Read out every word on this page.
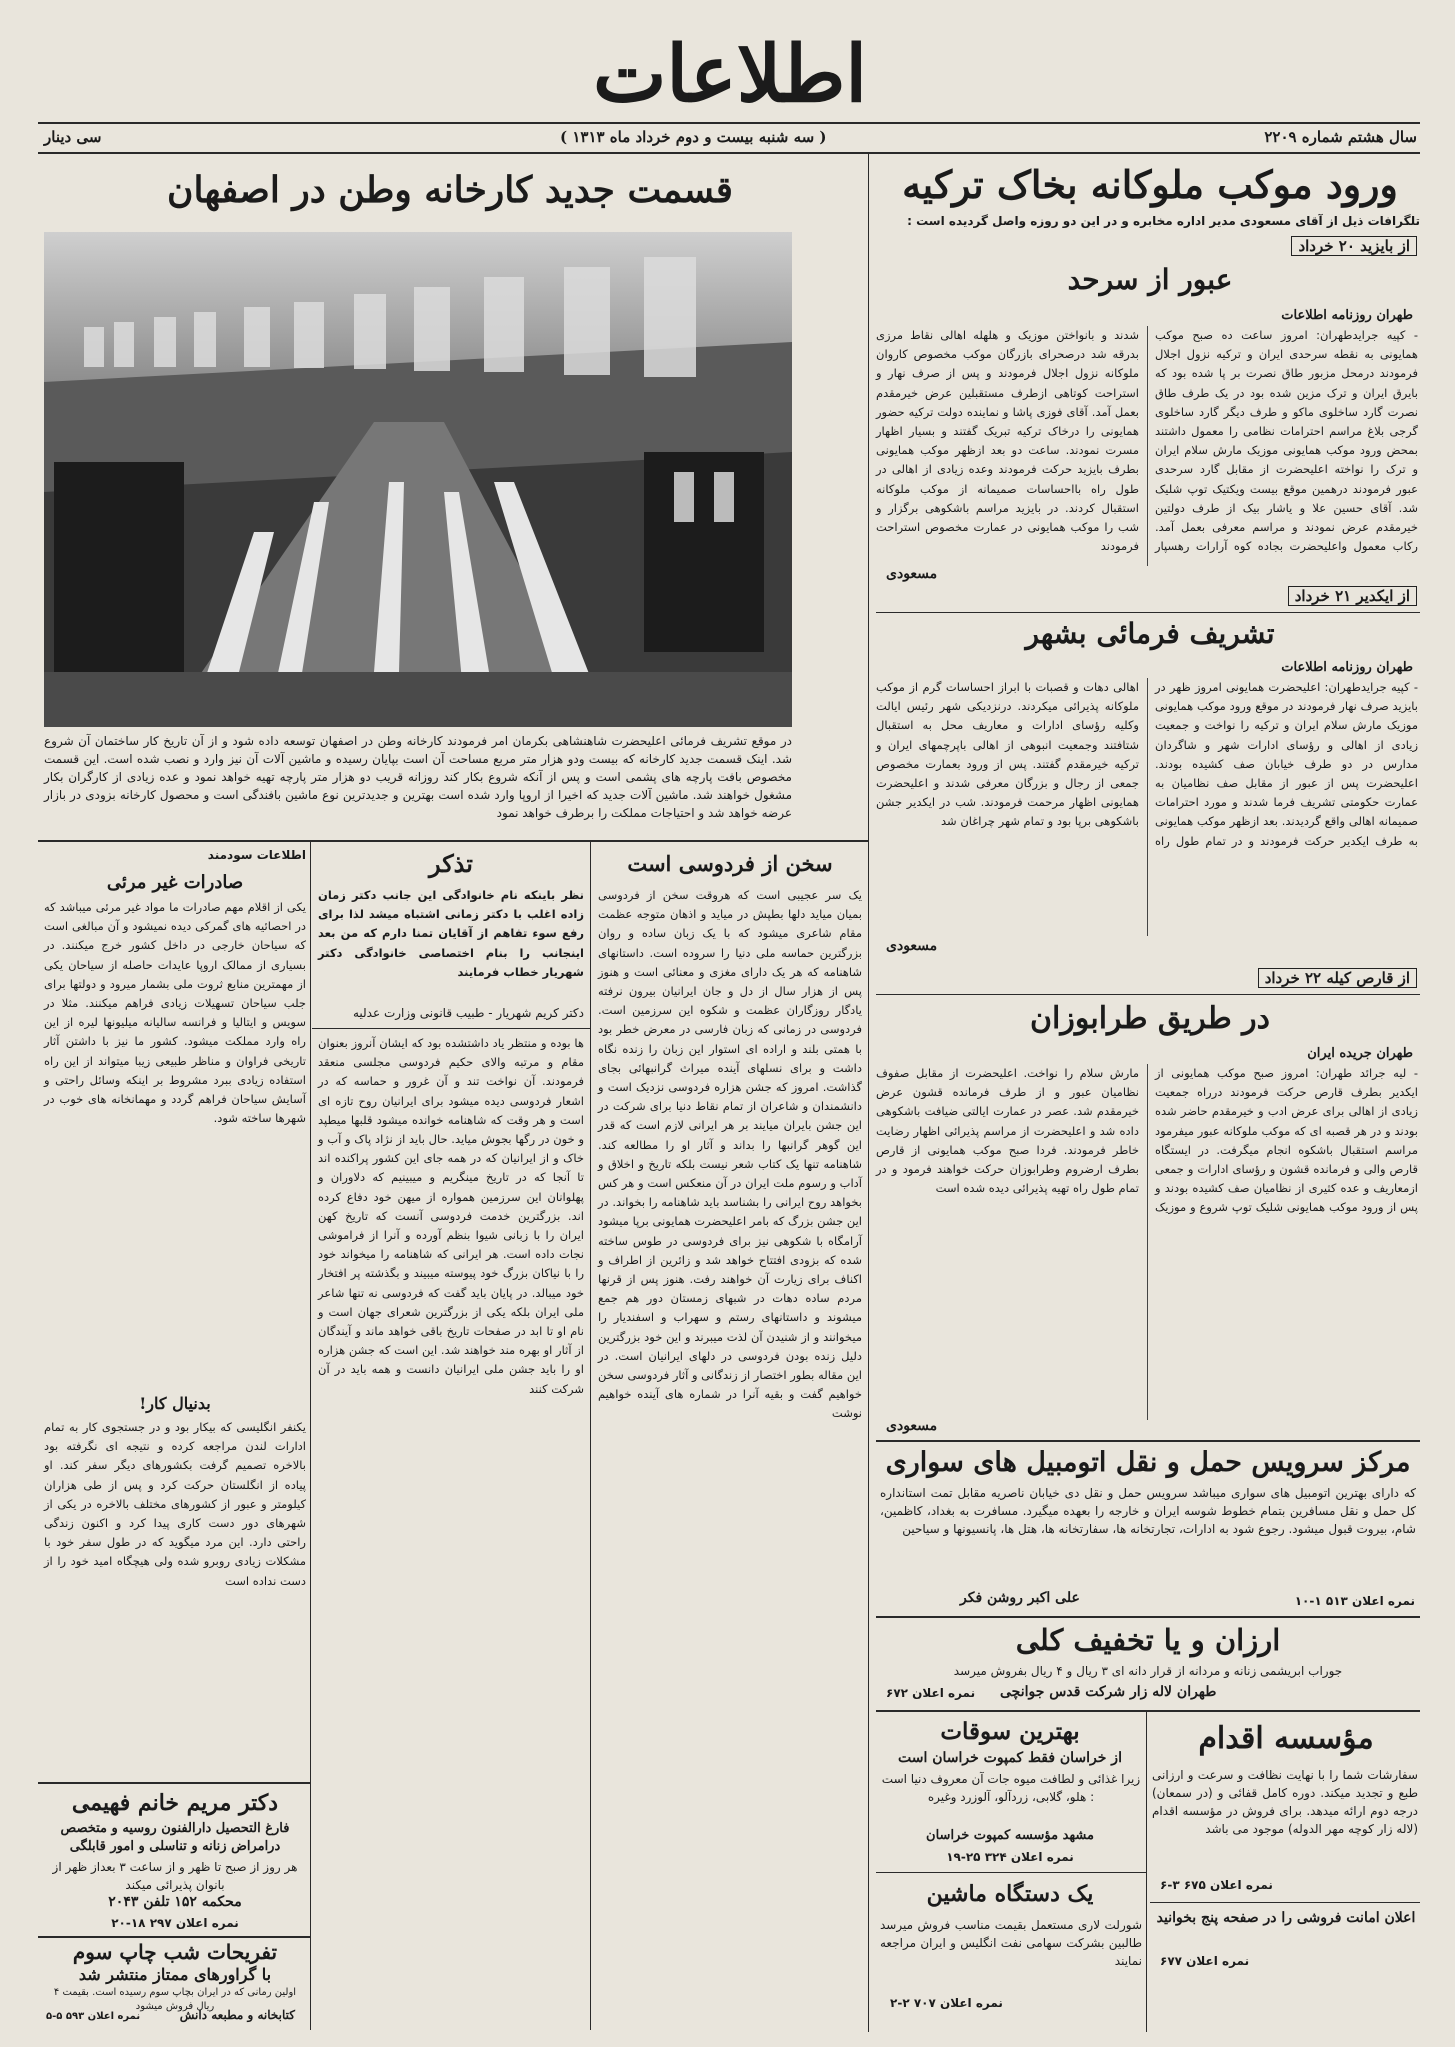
اطلاعات
سال هشتم شماره ۲۲۰۹
( سه شنبه بیست و دوم خرداد ماه ۱۳۱۳ )
سی دینار
ورود موکب ملوکانه بخاک ترکیه
تلگرافات ذیل از آقای مسعودی مدیر اداره مخابره و در این دو روزه واصل گردیده است :
از بایزید ۲۰ خرداد
عبور از سرحد
طهران روزنامه اطلاعات
- کپیه جرایدطهران: امروز ساعت ده صبح موکب همایونی به نقطه سرحدی ایران و ترکیه نزول اجلال فرمودند درمحل مزبور طاق نصرت بر پا شده بود که بایرق ایران و ترک مزین شده بود در یک طرف طاق نصرت گارد ساخلوی ماکو و طرف دیگر گارد ساخلوی گرجی بلاغ مراسم احترامات نظامی را معمول داشتند بمحض ورود موکب همایونی موزیک مارش سلام ایران و ترک را نواخته اعلیحضرت از مقابل گارد سرحدی عبور فرمودند درهمین موقع بیست ویکتیک توپ شلیک شد. آقای حسین علا و یاشار بیک از طرف دولتین خیرمقدم عرض نمودند و مراسم معرفی بعمل آمد. رکاب معمول واعلیحضرت بجاده کوه آرارات رهسپار شدند و بانواختن موزیک و هلهله اهالی نقاط مرزی بدرقه شد درصحرای بازرگان موکب مخصوص کاروان ملوکانه نزول اجلال فرمودند و پس از صرف نهار و استراحت کوتاهی ازطرف مستقبلین عرض خیرمقدم بعمل آمد. آقای فوزی پاشا و نماینده دولت ترکیه حضور همایونی را درخاک ترکیه تبریک گفتند و بسیار اظهار مسرت نمودند. ساعت دو بعد ازظهر موکب همایونی بطرف بایزید حرکت فرمودند وعده زیادی از اهالی در طول راه بااحساسات صمیمانه از موکب ملوکانه استقبال کردند. در بایزید مراسم باشکوهی برگزار و شب را موکب همایونی در عمارت مخصوص استراحت فرمودند
مسعودی
از ایکدیر ۲۱ خرداد
تشریف فرمائی بشهر
طهران روزنامه اطلاعات
- کپیه جرایدطهران: اعلیحضرت همایونی امروز ظهر در بایزید صرف نهار فرمودند در موقع ورود موکب همایونی موزیک مارش سلام ایران و ترکیه را نواخت و جمعیت زیادی از اهالی و رؤسای ادارات شهر و شاگردان مدارس در دو طرف خیابان صف کشیده بودند. اعلیحضرت پس از عبور از مقابل صف نظامیان به عمارت حکومتی تشریف فرما شدند و مورد احترامات صمیمانه اهالی واقع گردیدند. بعد ازظهر موکب همایونی به طرف ایکدیر حرکت فرمودند و در تمام طول راه اهالی دهات و قصبات با ابراز احساسات گرم از موکب ملوکانه پذیرائی میکردند. درنزدیکی شهر رئیس ایالت وکلیه رؤسای ادارات و معاریف محل به استقبال شتافتند وجمعیت انبوهی از اهالی باپرچمهای ایران و ترکیه خیرمقدم گفتند. پس از ورود بعمارت مخصوص جمعی از رجال و بزرگان معرفی شدند و اعلیحضرت همایونی اظهار مرحمت فرمودند. شب در ایکدیر جشن باشکوهی برپا بود و تمام شهر چراغان شد
مسعودی
از قارص کیله ۲۲ خرداد
در طریق طرابوزان
طهران جریده ایران
- لیه جرائد طهران: امروز صبح موکب همایونی از ایکدیر بطرف قارص حرکت فرمودند درراه جمعیت زیادی از اهالی برای عرض ادب و خیرمقدم حاضر شده بودند و در هر قصبه ای که موکب ملوکانه عبور میفرمود مراسم استقبال باشکوه انجام میگرفت. در ایستگاه قارص والی و فرمانده قشون و رؤسای ادارات و جمعی ازمعاریف و عده کثیری از نظامیان صف کشیده بودند و پس از ورود موکب همایونی شلیک توپ شروع و موزیک مارش سلام را نواخت. اعلیحضرت از مقابل صفوف نظامیان عبور و از طرف فرمانده قشون عرض خیرمقدم شد. عصر در عمارت ایالتی ضیافت باشکوهی داده شد و اعلیحضرت از مراسم پذیرائی اظهار رضایت خاطر فرمودند. فردا صبح موکب همایونی از قارص بطرف ارضروم وطرابوزان حرکت خواهند فرمود و در تمام طول راه تهیه پذیرائی دیده شده است
مسعودی
مرکز سرویس حمل و نقل اتومبیل های سواری
که دارای بهترین اتومبیل های سواری میباشد سرویس حمل و نقل دی خیابان ناصریه مقابل تمت استانداره کل حمل و نقل مسافرین بتمام خطوط شوسه ایران و خارجه را بعهده میگیرد. مسافرت به بغداد، کاظمین، شام، بیروت قبول میشود. رجوع شود به ادارات، تجارتخانه ها، سفارتخانه ها، هتل ها، پانسیونها و سیاحین
علی اکبر روشن فکر	نمره اعلان ۵۱۳ ۱-۱۰
ارزان و یا تخفیف کلی
جوراب ابریشمی زنانه و مردانه از قرار دانه ای ۳ ریال و ۴ ریال بفروش میرسد
طهران لاله زار شرکت قدس جوانچی
نمره اعلان ۶۷۲
مؤسسه اقدام
سفارشات شما را با نهایت نظافت و سرعت و ارزانی طبع و تجدید میکند. دوره کامل قفائی و (در سمعان) درجه دوم ارائه میدهد. برای فروش در مؤسسه اقدام (لاله زار کوچه مهر الدوله) موجود می باشد
نمره اعلان ۶۷۵ ۳-۶
اعلان امانت فروشی را در صفحه پنج بخوانید
نمره اعلان ۶۷۷
بهترین سوقات
از خراسان فقط کمپوت خراسان است
زیرا غذائی و لطافت میوه جات آن معروف دنیا است : هلو، گلابی، زردآلو، آلوزرد وغیره
مشهد مؤسسه کمپوت خراسان
نمره اعلان ۳۲۴ ۲۵-۱۹
یک دستگاه ماشین
شورلت لاری مستعمل بقیمت مناسب فروش میرسد طالبین بشرکت سهامی نفت انگلیس و ایران مراجعه نمایند
نمره اعلان ۷۰۷ ۲-۲
قسمت جدید کارخانه وطن در اصفهان
در موقع تشریف فرمائی اعلیحضرت شاهنشاهی بکرمان امر فرمودند کارخانه وطن در اصفهان توسعه داده شود و از آن تاریخ کار ساختمان آن شروع شد. اینک قسمت جدید کارخانه که بیست ودو هزار متر مربع مساحت آن است بپایان رسیده و ماشین آلات آن نیز وارد و نصب شده است. این قسمت مخصوص بافت پارچه های پشمی است و پس از آنکه شروع بکار کند روزانه قریب دو هزار متر پارچه تهیه خواهد نمود و عده زیادی از کارگران بکار مشغول خواهند شد. ماشین آلات جدید که اخیرا از اروپا وارد شده است بهترین و جدیدترین نوع ماشین بافندگی است و محصول کارخانه بزودی در بازار عرضه خواهد شد و احتیاجات مملکت را برطرف خواهد نمود
سخن از فردوسی است
یک سر عجیبی است که هروقت سخن از فردوسی بمیان میاید دلها بطپش در میاید و اذهان متوجه عظمت مقام شاعری میشود که با یک زبان ساده و روان بزرگترین حماسه ملی دنیا را سروده است. داستانهای شاهنامه که هر یک دارای مغزی و معنائی است و هنوز پس از هزار سال از دل و جان ایرانیان بیرون نرفته یادگار روزگاران عظمت و شکوه این سرزمین است. فردوسی در زمانی که زبان فارسی در معرض خطر بود با همتی بلند و اراده ای استوار این زبان را زنده نگاه داشت و برای نسلهای آینده میراث گرانبهائی بجای گذاشت. امروز که جشن هزاره فردوسی نزدیک است و دانشمندان و شاعران از تمام نقاط دنیا برای شرکت در این جشن بایران میایند بر هر ایرانی لازم است که قدر این گوهر گرانبها را بداند و آثار او را مطالعه کند. شاهنامه تنها یک کتاب شعر نیست بلکه تاریخ و اخلاق و آداب و رسوم ملت ایران در آن منعکس است و هر کس بخواهد روح ایرانی را بشناسد باید شاهنامه را بخواند. در این جشن بزرگ که بامر اعلیحضرت همایونی برپا میشود آرامگاه با شکوهی نیز برای فردوسی در طوس ساخته شده که بزودی افتتاح خواهد شد و زائرین از اطراف و اکناف برای زیارت آن خواهند رفت. هنوز پس از قرنها مردم ساده دهات در شبهای زمستان دور هم جمع میشوند و داستانهای رستم و سهراب و اسفندیار را میخوانند و از شنیدن آن لذت میبرند و این خود بزرگترین دلیل زنده بودن فردوسی در دلهای ایرانیان است. در این مقاله بطور اختصار از زندگانی و آثار فردوسی سخن خواهیم گفت و بقیه آنرا در شماره های آینده خواهیم نوشت
تذکر
نظر باینکه نام خانوادگی این جانب دکتر زمان زاده اغلب با دکتر زمانی اشتباه میشد لذا برای رفع سوء تفاهم از آقایان تمنا دارم که من بعد اینجانب را بنام اختصاصی خانوادگی دکتر شهریار خطاب فرمایند
دکتر کریم شهریار - طبیب قانونی وزارت عدلیه
ها بوده و منتظر یاد داشتشده بود که ایشان آنروز بعنوان مقام و مرتبه والای حکیم فردوسی مجلسی منعقد فرمودند. آن نواخت تند و آن غرور و حماسه که در اشعار فردوسی دیده میشود برای ایرانیان روح تازه ای است و هر وقت که شاهنامه خوانده میشود قلبها میطپد و خون در رگها بجوش میاید. حال باید از نژاد پاک و آب و خاک و از ایرانیان که در همه جای این کشور پراکنده اند تا آنجا که در تاریخ مینگریم و میبینیم که دلاوران و پهلوانان این سرزمین همواره از میهن خود دفاع کرده اند. بزرگترین خدمت فردوسی آنست که تاریخ کهن ایران را با زبانی شیوا بنظم آورده و آنرا از فراموشی نجات داده است. هر ایرانی که شاهنامه را میخواند خود را با نیاکان بزرگ خود پیوسته میبیند و بگذشته پر افتخار خود میبالد. در پایان باید گفت که فردوسی نه تنها شاعر ملی ایران بلکه یکی از بزرگترین شعرای جهان است و نام او تا ابد در صفحات تاریخ باقی خواهد ماند و آیندگان از آثار او بهره مند خواهند شد. این است که جشن هزاره او را باید جشن ملی ایرانیان دانست و همه باید در آن شرکت کنند
اطلاعات سودمند
صادرات غیر مرئی
یکی از اقلام مهم صادرات ما مواد غیر مرئی میباشد که در احصائیه های گمرکی دیده نمیشود و آن مبالغی است که سیاحان خارجی در داخل کشور خرج میکنند. در بسیاری از ممالک اروپا عایدات حاصله از سیاحان یکی از مهمترین منابع ثروت ملی بشمار میرود و دولتها برای جلب سیاحان تسهیلات زیادی فراهم میکنند. مثلا در سویس و ایتالیا و فرانسه سالیانه میلیونها لیره از این راه وارد مملکت میشود. کشور ما نیز با داشتن آثار تاریخی فراوان و مناظر طبیعی زیبا میتواند از این راه استفاده زیادی ببرد مشروط بر اینکه وسائل راحتی و آسایش سیاحان فراهم گردد و مهمانخانه های خوب در شهرها ساخته شود.
بدنیال کار!
یکنفر انگلیسی که بیکار بود و در جستجوی کار به تمام ادارات لندن مراجعه کرده و نتیجه ای نگرفته بود بالاخره تصمیم گرفت بکشورهای دیگر سفر کند. او پیاده از انگلستان حرکت کرد و پس از طی هزاران کیلومتر و عبور از کشورهای مختلف بالاخره در یکی از شهرهای دور دست کاری پیدا کرد و اکنون زندگی راحتی دارد. این مرد میگوید که در طول سفر خود با مشکلات زیادی روبرو شده ولی هیچگاه امید خود را از دست نداده است
دکتر مریم خانم فهیمی
فارغ التحصیل دارالفنون روسیه و متخصص درامراض زنانه و تناسلی و امور قابلگی
هر روز از صبح تا ظهر و از ساعت ۳ بعداز ظهر از بانوان پذیرائی میکند
محکمه ۱۵۲ تلفن ۲۰۴۳
نمره اعلان ۲۹۷ ۱۸-۲۰
تفریحات شب چاپ سوم
با گراورهای ممتاز منتشر شد
اولین رمانی که در ایران بچاپ سوم رسیده است. بقیمت ۴ ریال فروش میشود
کتابخانه و مطبعه دانش
نمره اعلان ۵۹۳ ۵-۵
